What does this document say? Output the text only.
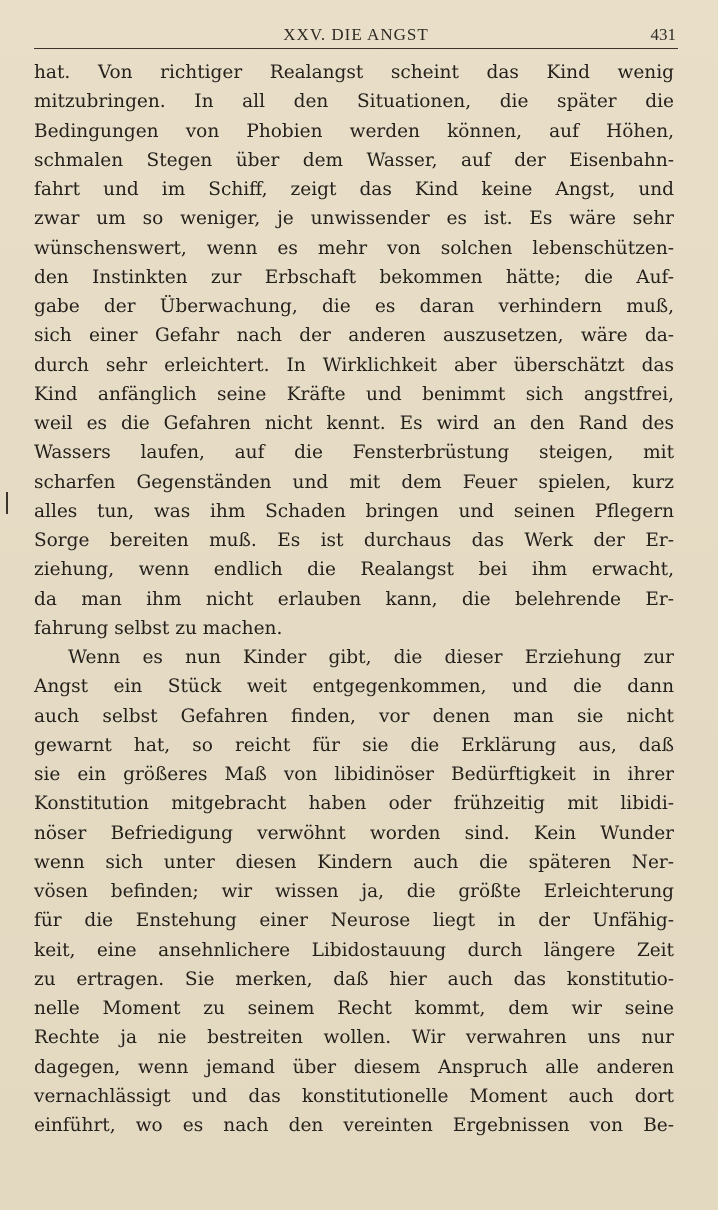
XXV. DIE ANGST	431
hat. Von richtiger Realangst scheint das Kind wenig
mitzubringen. In all den Situationen, die später die
Bedingungen von Phobien werden können, auf Höhen,
schmalen Stegen über dem Wasser, auf der Eisenbahn-
fahrt und im Schiff, zeigt das Kind keine Angst, und
zwar um so weniger, je unwissender es ist. Es wäre sehr
wünschenswert, wenn es mehr von solchen lebenschützen-
den Instinkten zur Erbschaft bekommen hätte; die Auf-
gabe der Überwachung, die es daran verhindern muß,
sich einer Gefahr nach der anderen auszusetzen, wäre da-
durch sehr erleichtert. In Wirklichkeit aber überschätzt das
Kind anfänglich seine Kräfte und benimmt sich angstfrei,
weil es die Gefahren nicht kennt. Es wird an den Rand des
Wassers laufen, auf die Fensterbrüstung steigen, mit
scharfen Gegenständen und mit dem Feuer spielen, kurz
alles tun, was ihm Schaden bringen und seinen Pflegern
Sorge bereiten muß. Es ist durchaus das Werk der Er-
ziehung, wenn endlich die Realangst bei ihm erwacht,
da man ihm nicht erlauben kann, die belehrende Er-
fahrung selbst zu machen.
Wenn es nun Kinder gibt, die dieser Erziehung zur
Angst ein Stück weit entgegenkommen, und die dann
auch selbst Gefahren finden, vor denen man sie nicht
gewarnt hat, so reicht für sie die Erklärung aus, daß
sie ein größeres Maß von libidinöser Bedürftigkeit in ihrer
Konstitution mitgebracht haben oder frühzeitig mit libidi-
nöser Befriedigung verwöhnt worden sind. Kein Wunder
wenn sich unter diesen Kindern auch die späteren Ner-
vösen befinden; wir wissen ja, die größte Erleichterung
für die Enstehung einer Neurose liegt in der Unfähig-
keit, eine ansehnlichere Libidostauung durch längere Zeit
zu ertragen. Sie merken, daß hier auch das konstitutio-
nelle Moment zu seinem Recht kommt, dem wir seine
Rechte ja nie bestreiten wollen. Wir verwahren uns nur
dagegen, wenn jemand über diesem Anspruch alle anderen
vernachlässigt und das konstitutionelle Moment auch dort
einführt, wo es nach den vereinten Ergebnissen von Be-
